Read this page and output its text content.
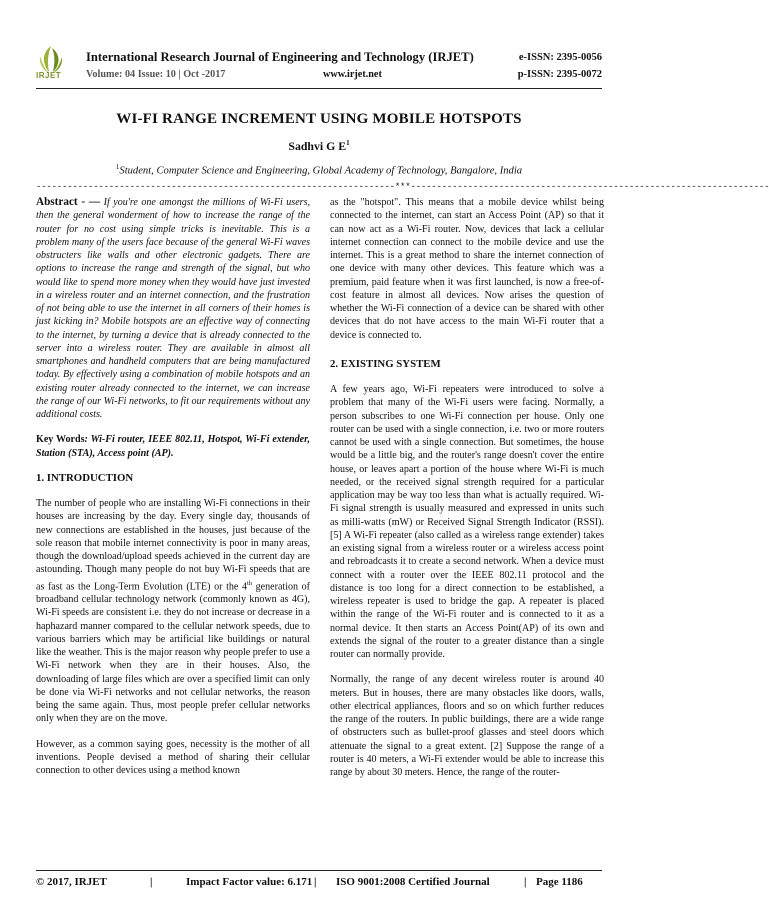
IRJET
International Research Journal of Engineering and Technology (IRJET)	e-ISSN: 2395-0056
Volume: 04 Issue: 10 | Oct -2017	www.irjet.net	p-ISSN: 2395-0072
WI-FI RANGE INCREMENT USING MOBILE HOTSPOTS
Sadhvi G $E^1$
$^1$Student, Computer Science and Engineering, Global Academy of Technology, Bangalore, India
---------------------------------------------------------------------***---------------------------------------------------------------------

Abstract - — If you're one amongst the millions of Wi-Fi users, then the general wonderment of how to increase the range of the router for no cost using simple tricks is inevitable. This is a problem many of the users face because of the general Wi-Fi waves obstructers like walls and other electronic gadgets. There are options to increase the range and strength of the signal, but who would like to spend more money when they would have just invested in a wireless router and an internet connection, and the frustration of not being able to use the internet in all corners of their homes is just kicking in? Mobile hotspots are an effective way of connecting to the internet, by turning a device that is already connected to the server into a wireless router. They are available in almost all smartphones and handheld computers that are being manufactured today. By effectively using a combination of mobile hotspots and an existing router already connected to the internet, we can increase the range of our Wi-Fi networks, to fit our requirements without any additional costs.

Key Words: Wi-Fi router, IEEE 802.11, Hotspot, Wi-Fi extender, Station (STA), Access point (AP).

1. INTRODUCTION

The number of people who are installing Wi-Fi connections in their houses are increasing by the day. Every single day, thousands of new connections are established in the houses, just because of the sole reason that mobile internet connectivity is poor in many areas, though the download/upload speeds achieved in the current day are astounding. Though many people do not buy Wi-Fi speeds that are as fast as the Long-Term Evolution (LTE) or the 4th generation of broadband cellular technology network (commonly known as 4G), Wi-Fi speeds are consistent i.e. they do not increase or decrease in a haphazard manner compared to the cellular network speeds, due to various barriers which may be artificial like buildings or natural like the weather. This is the major reason why people prefer to use a Wi-Fi network when they are in their houses. Also, the downloading of large files which are over a specified limit can only be done via Wi-Fi networks and not cellular networks, the reason being the same again. Thus, most people prefer cellular networks only when they are on the move.

However, as a common saying goes, necessity is the mother of all inventions. People devised a method of sharing their cellular connection to other devices using a method known

as the "hotspot". This means that a mobile device whilst being connected to the internet, can start an Access Point (AP) so that it can now act as a Wi-Fi router. Now, devices that lack a cellular internet connection can connect to the mobile device and use the internet. This is a great method to share the internet connection of one device with many other devices. This feature which was a premium, paid feature when it was first launched, is now a free-of-cost feature in almost all devices. Now arises the question of whether the Wi-Fi connection of a device can be shared with other devices that do not have access to the main Wi-Fi router that a device is connected to.

2. EXISTING SYSTEM

A few years ago, Wi-Fi repeaters were introduced to solve a problem that many of the Wi-Fi users were facing. Normally, a person subscribes to one Wi-Fi connection per house. Only one router can be used with a single connection, i.e. two or more routers cannot be used with a single connection. But sometimes, the house would be a little big, and the router's range doesn't cover the entire house, or leaves apart a portion of the house where Wi-Fi is much needed, or the received signal strength required for a particular application may be way too less than what is actually required. Wi-Fi signal strength is usually measured and expressed in units such as milli-watts (mW) or Received Signal Strength Indicator (RSSI).[5] A Wi-Fi repeater (also called as a wireless range extender) takes an existing signal from a wireless router or a wireless access point and rebroadcasts it to create a second network. When a device must connect with a router over the IEEE 802.11 protocol and the distance is too long for a direct connection to be established, a wireless repeater is used to bridge the gap. A repeater is placed within the range of the Wi-Fi router and is connected to it as a normal device. It then starts an Access Point(AP) of its own and extends the signal of the router to a greater distance than a single router can normally provide.

Normally, the range of any decent wireless router is around 40 meters. But in houses, there are many obstacles like doors, walls, other electrical appliances, floors and so on which further reduces the range of the routers. In public buildings, there are a wide range of obstructers such as bullet-proof glasses and steel doors which attenuate the signal to a great extent. [2] Suppose the range of a router is 40 meters, a Wi-Fi extender would be able to increase this range by about 30 meters. Hence, the range of the router-

© 2017, IRJET	|	Impact Factor value: 6.171 | ISO 9001:2008 Certified Journal	| Page 1186
